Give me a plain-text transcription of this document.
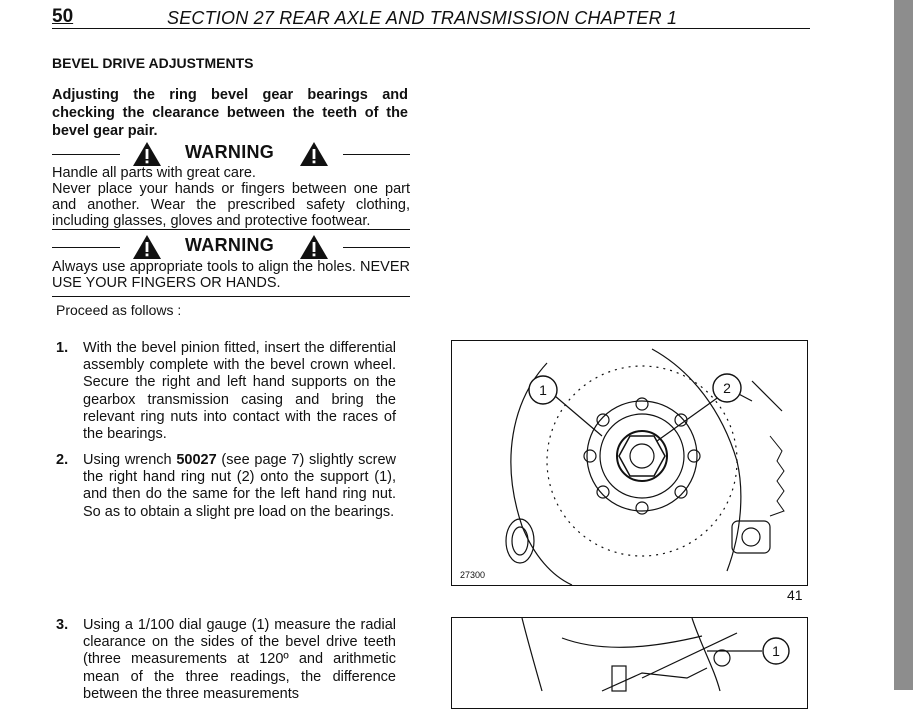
50	SECTION 27 REAR AXLE AND TRANSMISSION CHAPTER 1
BEVEL DRIVE ADJUSTMENTS
Adjusting the ring bevel gear bearings and checking the clearance between the teeth of the bevel gear pair.
WARNING
Handle all parts with great care.
Never place your hands or fingers between one part and another. Wear the prescribed safety clothing, including glasses, gloves and protective footwear.
WARNING
Always use appropriate tools to align the holes. NEVER USE YOUR FINGERS OR HANDS.
Proceed as follows :
1. With the bevel pinion fitted, insert the differential assembly complete with the bevel crown wheel. Secure the right and left hand supports on the gearbox transmission casing and bring the relevant ring nuts into contact with the races of the bearings.
2. Using wrench 50027 (see page 7) slightly screw the right hand ring nut (2) onto the support (1), and then do the same for the left hand ring nut. So as to obtain a slight pre load on the bearings.
3. Using a 1/100 dial gauge (1) measure the radial clearance on the sides of the bevel drive teeth (three measurements at 120º and arithmetic mean of the three readings, the difference between the three measurements
1	2
27300
41
1
